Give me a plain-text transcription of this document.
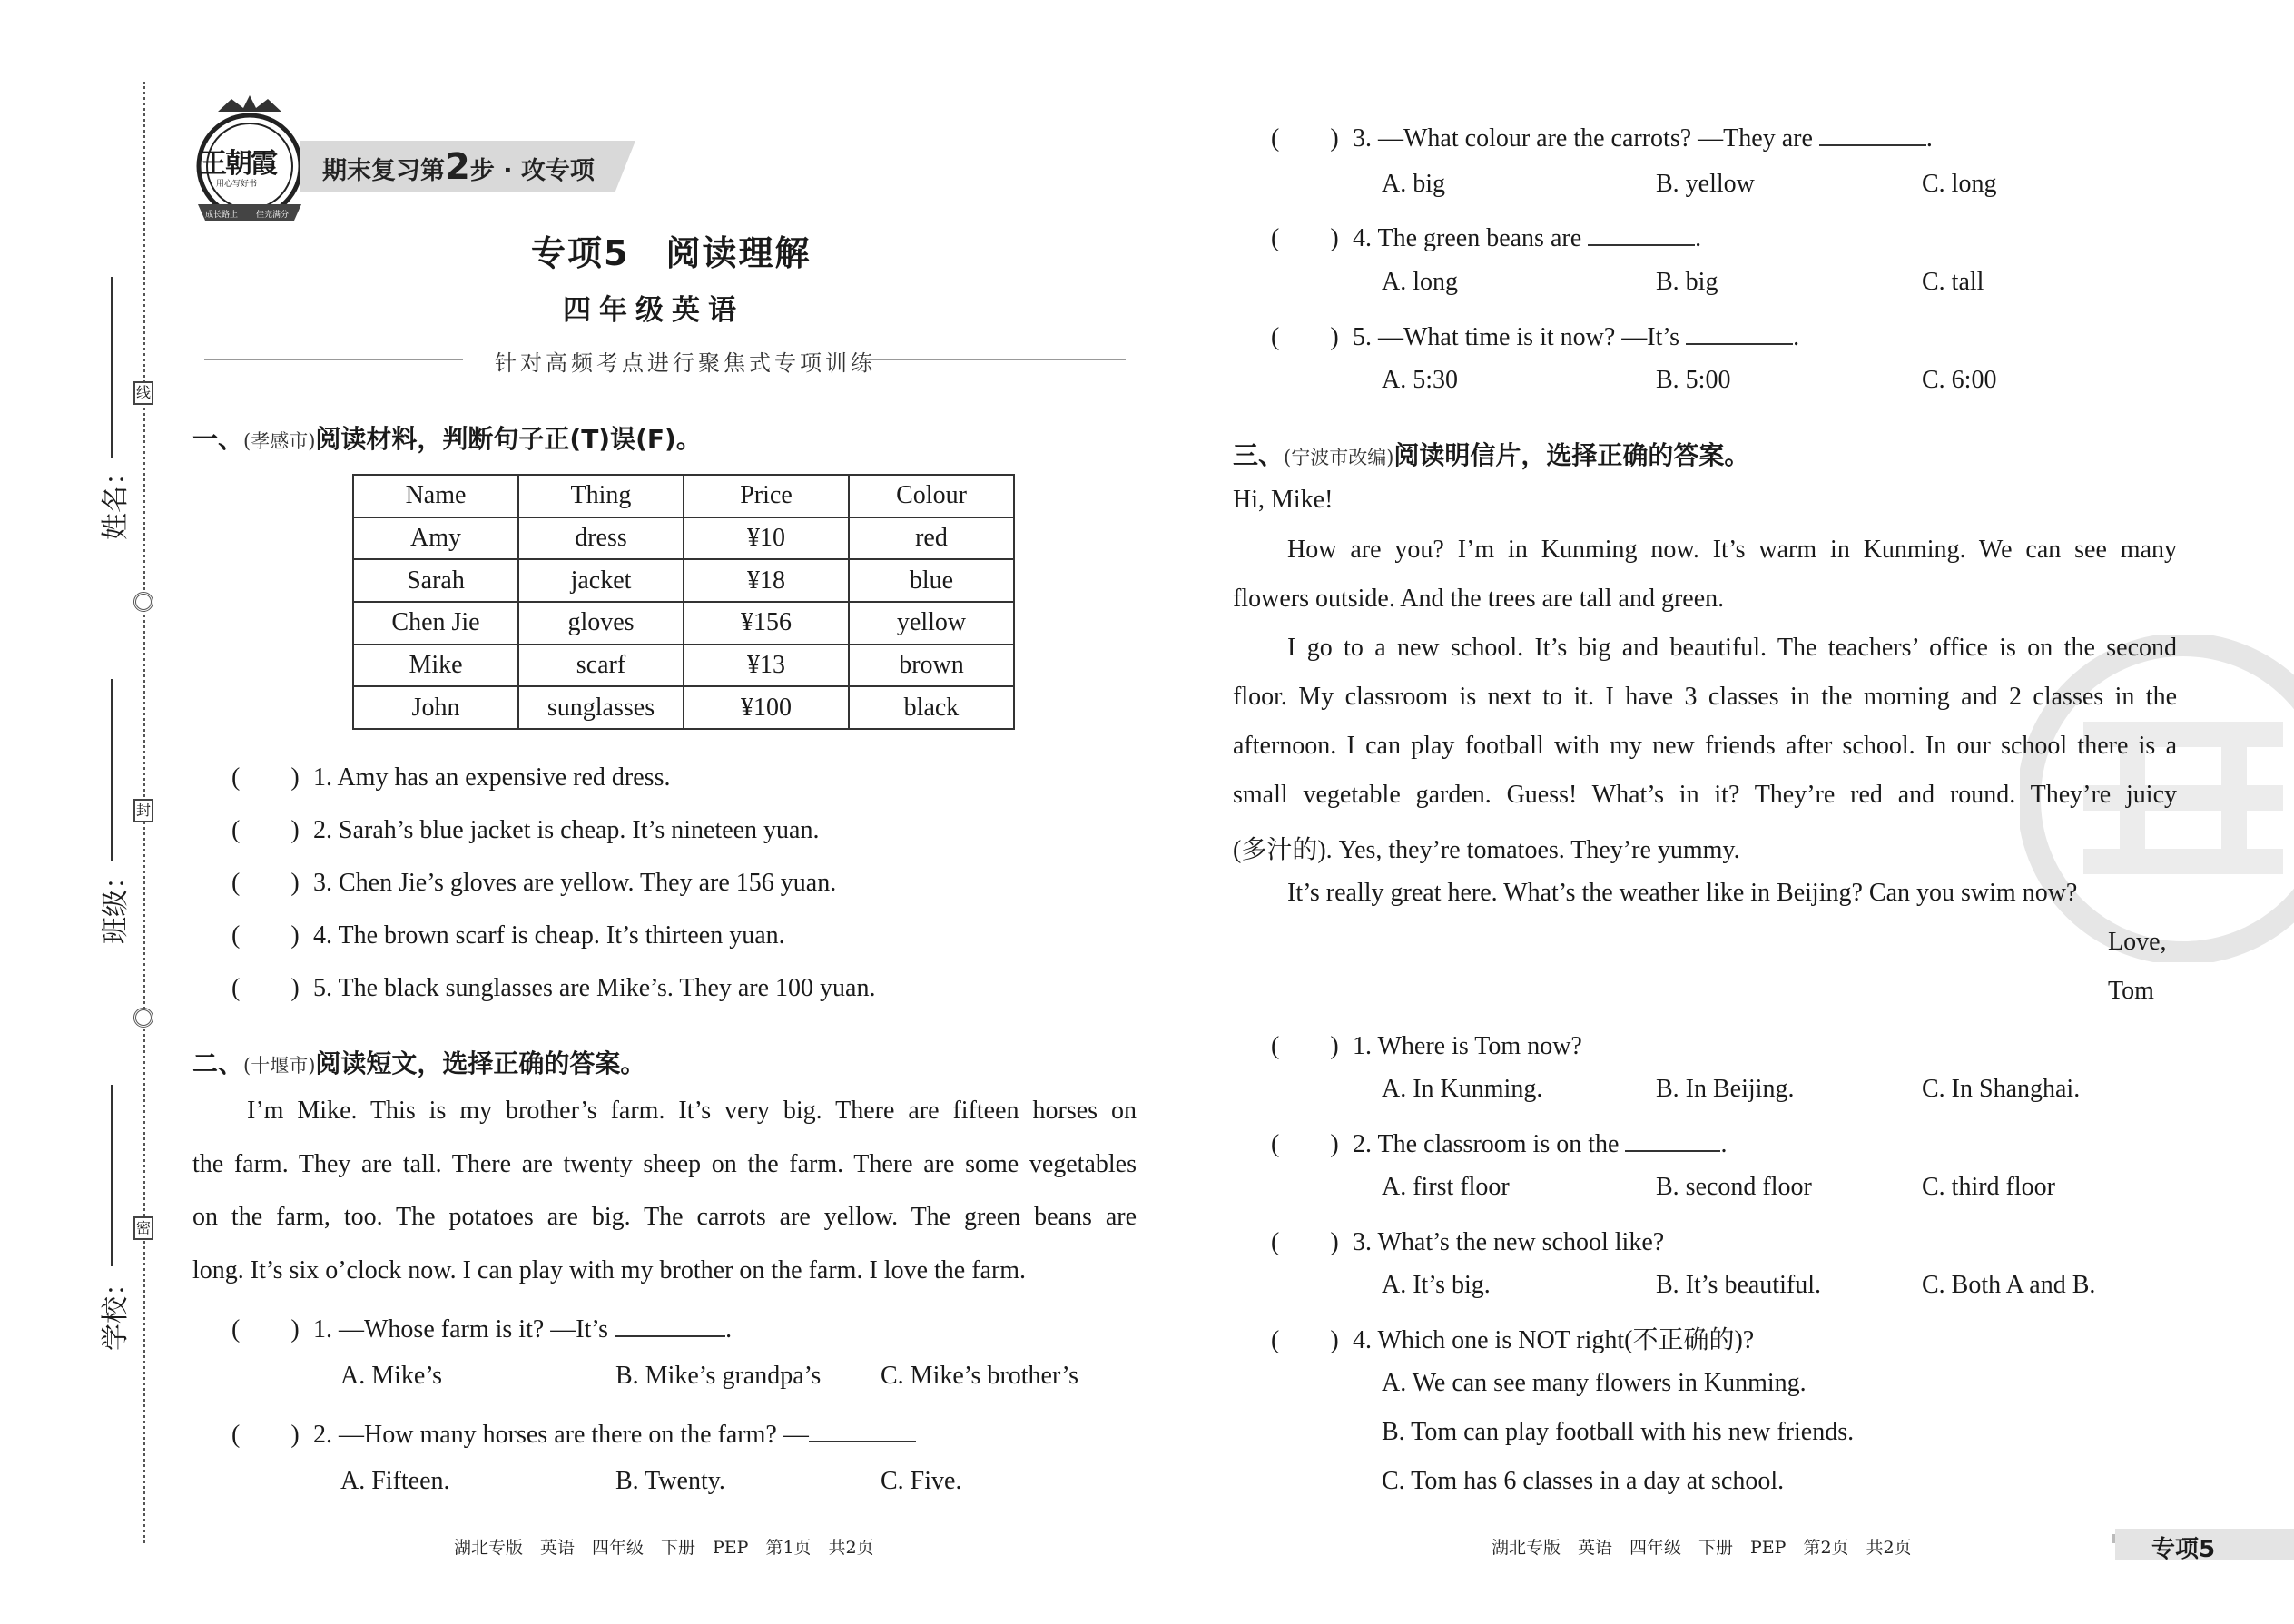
线
封
密
姓名：
班级：
学校：
王朝霞
用心写好书
成长路上 佳完满分
期末复习第2步 · 攻专项
专项5　阅读理解
四年级英语
针对高频考点进行聚焦式专项训练
一、(孝感市)阅读材料，判断句子正(T)误(F)。
Name	Thing	Price	Colour
Amy	dress	¥10	red
Sarah	jacket	¥18	blue
Chen Jie	gloves	¥156	yellow
Mike	scarf	¥13	brown
John	sunglasses	¥100	black
(　　) 1. Amy has an expensive red dress.
(　　) 2. Sarah’s blue jacket is cheap. It’s nineteen yuan.
(　　) 3. Chen Jie’s gloves are yellow. They are 156 yuan.
(　　) 4. The brown scarf is cheap. It’s thirteen yuan.
(　　) 5. The black sunglasses are Mike’s. They are 100 yuan.
二、(十堰市)阅读短文，选择正确的答案。
I’m Mike. This is my brother’s farm. It’s very big. There are fifteen horses on
the farm. They are tall. There are twenty sheep on the farm. There are some vegetables
on the farm, too. The potatoes are big. The carrots are yellow. The green beans are
long. It’s six o’clock now. I can play with my brother on the farm. I love the farm.
(　　) 1. —Whose farm is it? —It’s	.
A. Mike’s	B. Mike’s grandpa’s C. Mike’s brother’s
(　　) 2. —How many horses are there on the farm? —
A. Fifteen.	B. Twenty.	C. Five.
(　　) 3. —What colour are the carrots? —They are	.
A. big	B. yellow	C. long
(　　) 4. The green beans are	.
A. long	B. big	C. tall
(　　) 5. —What time is it now? —It’s	.
A. 5:30	B. 5:00	C. 6:00
三、(宁波市改编)阅读明信片，选择正确的答案。
Hi, Mike!
How are you? I’m in Kunming now. It’s warm in Kunming. We can see many
flowers outside. And the trees are tall and green.
I go to a new school. It’s big and beautiful. The teachers’ office is on the second
floor. My classroom is next to it. I have 3 classes in the morning and 2 classes in the
afternoon. I can play football with my new friends after school. In our school there is a
small vegetable garden. Guess! What’s in it? They’re red and round. They’re juicy
(多汁的). Yes, they’re tomatoes. They’re yummy.
It’s really great here. What’s the weather like in Beijing? Can you swim now?
Love,
Tom
(　　) 1. Where is Tom now?
A. In Kunming.	B. In Beijing.	C. In Shanghai.
(　　) 2. The classroom is on the	.
A. first floor	B. second floor	C. third floor
(　　) 3. What’s the new school like?
A. It’s big.	B. It’s beautiful.	C. Both A and B.
(　　) 4. Which one is NOT right(不正确的)?
A. We can see many flowers in Kunming.
B. Tom can play football with his new friends.
C. Tom has 6 classes in a day at school.
湖北专版　英语　四年级　下册　PEP　第1页　共2页	湖北专版　英语　四年级　下册　PEP　第2页　共2页	专项5
